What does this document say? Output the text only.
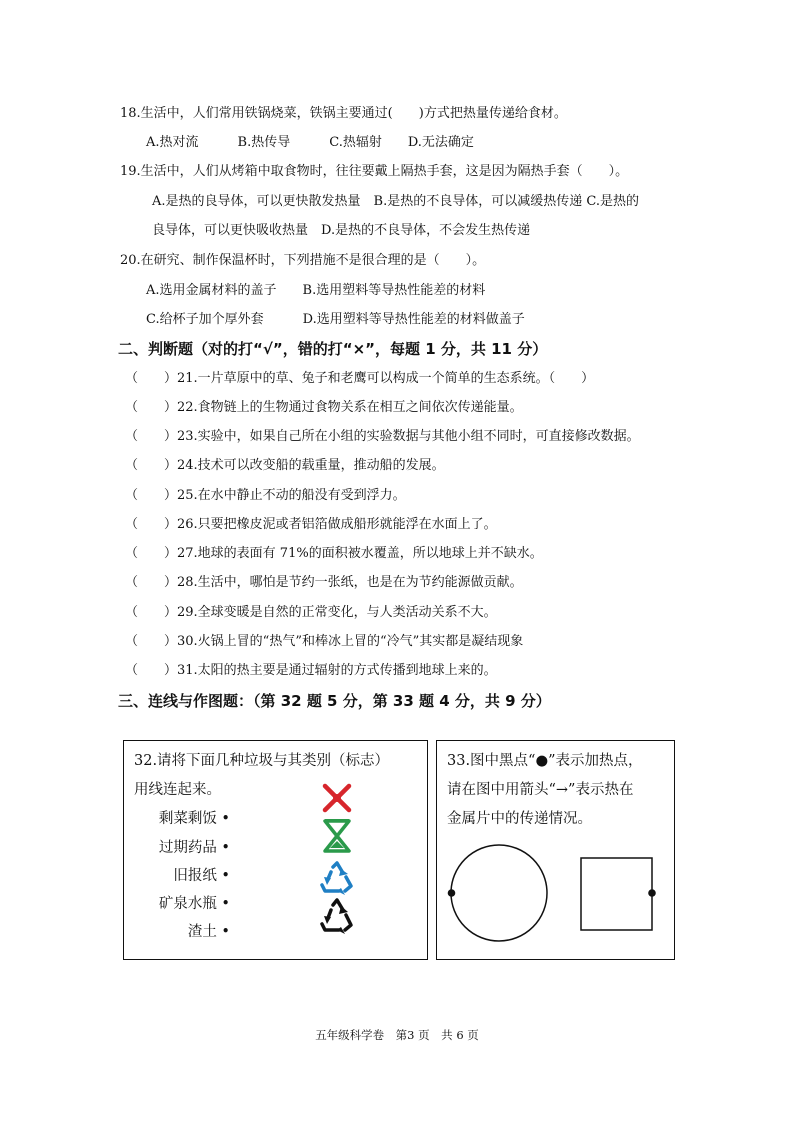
18.生活中，人们常用铁锅烧菜，铁锅主要通过(　　)方式把热量传递给食材。
A.热对流　　　B.热传导　　　C.热辐射　　D.无法确定
19.生活中，人们从烤箱中取食物时，往往要戴上隔热手套，这是因为隔热手套（　　）。
A.是热的良导体，可以更快散发热量　B.是热的不良导体，可以减缓热传递 C.是热的
良导体，可以更快吸收热量　D.是热的不良导体，不会发生热传递
20.在研究、制作保温杯时，下列措施不是很合理的是（　　）。
A.选用金属材料的盖子　　B.选用塑料等导热性能差的材料
C.给杯子加个厚外套　　　D.选用塑料等导热性能差的材料做盖子
二、判断题（对的打“√”，错的打“×”，每题 1 分，共 11 分）
（　　）21.一片草原中的草、兔子和老鹰可以构成一个简单的生态系统。（　　）
（　　）22.食物链上的生物通过食物关系在相互之间依次传递能量。
（　　）23.实验中，如果自己所在小组的实验数据与其他小组不同时，可直接修改数据。
（　　）24.技术可以改变船的载重量，推动船的发展。
（　　）25.在水中静止不动的船没有受到浮力。
（　　）26.只要把橡皮泥或者铝箔做成船形就能浮在水面上了。
（　　）27.地球的表面有 71%的面积被水覆盖，所以地球上并不缺水。
（　　）28.生活中，哪怕是节约一张纸，也是在为节约能源做贡献。
（　　）29.全球变暖是自然的正常变化，与人类活动关系不大。
（　　）30.火锅上冒的“热气”和棒冰上冒的“冷气”其实都是凝结现象
（　　）31.太阳的热主要是通过辐射的方式传播到地球上来的。
三、连线与作图题：（第 32 题 5 分，第 33 题 4 分，共 9 分）
32.请将下面几种垃圾与其类别（标志）
用线连起来。
剩菜剩饭 •
过期药品 •
旧报纸 •
矿泉水瓶 •
渣土 •
33.图中黑点“●”表示加热点，
请在图中用箭头“→”表示热在
金属片中的传递情况。
五年级科学卷　第3 页　共 6 页
